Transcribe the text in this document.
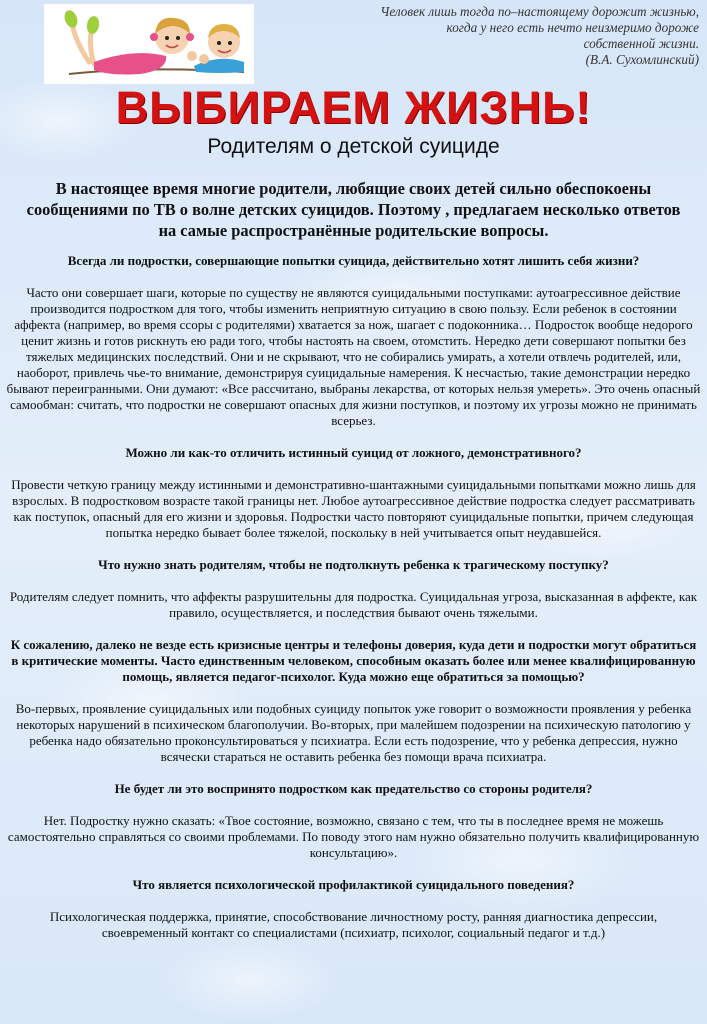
Человек лишь тогда по–настоящему дорожит жизнью,
когда у него есть нечто неизмеримо дороже
собственной жизни.
(В.А. Сухомлинский)
ВЫБИРАЕМ ЖИЗНЬ!
Родителям о детской суициде

В настоящее время многие родители, любящие своих детей сильно обеспокоены сообщениями по ТВ о волне детских суицидов. Поэтому , предлагаем несколько ответов на самые распространённые родительские вопросы.

Всегда ли подростки, совершающие попытки суицида, действительно хотят лишить себя жизни?

Часто они совершает шаги, которые по существу не являются суицидальными поступками: аутоагрессивное действие производится подростком для того, чтобы изменить неприятную ситуацию в свою пользу. Если ребенок в состоянии аффекта (например, во время ссоры с родителями) хватается за нож, шагает с подоконника… Подросток вообще недорого ценит жизнь и готов рискнуть ею ради того, чтобы настоять на своем, отомстить. Нередко дети совершают попытки без тяжелых медицинских последствий. Они и не скрывают, что не собирались умирать, а хотели отвлечь родителей, или, наоборот, привлечь чье-то внимание, демонстрируя суицидальные намерения. К несчастью, такие демонстрации нередко бывают переигранными. Они думают: «Все рассчитано, выбраны лекарства, от которых нельзя умереть». Это очень опасный самообман: считать, что подростки не совершают опасных для жизни поступков, и поэтому их угрозы можно не принимать всерьез.

Можно ли как-то отличить истинный суицид от ложного, демонстративного?

Провести четкую границу между истинными и демонстративно-шантажными суицидальными попытками можно лишь для взрослых. В подростковом возрасте такой границы нет. Любое аутоагрессивное действие подростка следует рассматривать как поступок, опасный для его жизни и здоровья. Подростки часто повторяют суицидальные попытки, причем следующая попытка нередко бывает более тяжелой, поскольку в ней учитывается опыт неудавшейся.

Что нужно знать родителям, чтобы не подтолкнуть ребенка к трагическому поступку?

Родителям следует помнить, что аффекты разрушительны для подростка. Суицидальная угроза, высказанная в аффекте, как правило, осуществляется, и последствия бывают очень тяжелыми.

К сожалению, далеко не везде есть кризисные центры и телефоны доверия, куда дети и подростки могут обратиться в критические моменты. Часто единственным человеком, способным оказать более или менее квалифицированную помощь, является педагог-психолог. Куда можно еще обратиться за помощью?

Во-первых, проявление суицидальных или подобных суициду попыток уже говорит о возможности проявления у ребенка некоторых нарушений в психическом благополучии. Во-вторых, при малейшем подозрении на психическую патологию у ребенка надо обязательно проконсультироваться у психиатра. Если есть подозрение, что у ребенка депрессия, нужно всячески стараться не оставить ребенка без помощи врача психиатра.

Не будет ли это воспринято подростком как предательство со стороны родителя?

Нет. Подростку нужно сказать: «Твое состояние, возможно, связано с тем, что ты в последнее время не можешь самостоятельно справляться со своими проблемами. По поводу этого нам нужно обязательно получить квалифицированную консультацию».

Что является психологической профилактикой суицидального поведения?

Психологическая поддержка, принятие, способствование личностному росту, ранняя диагностика депрессии, своевременный контакт со специалистами (психиатр, психолог, социальный педагог и т.д.)
